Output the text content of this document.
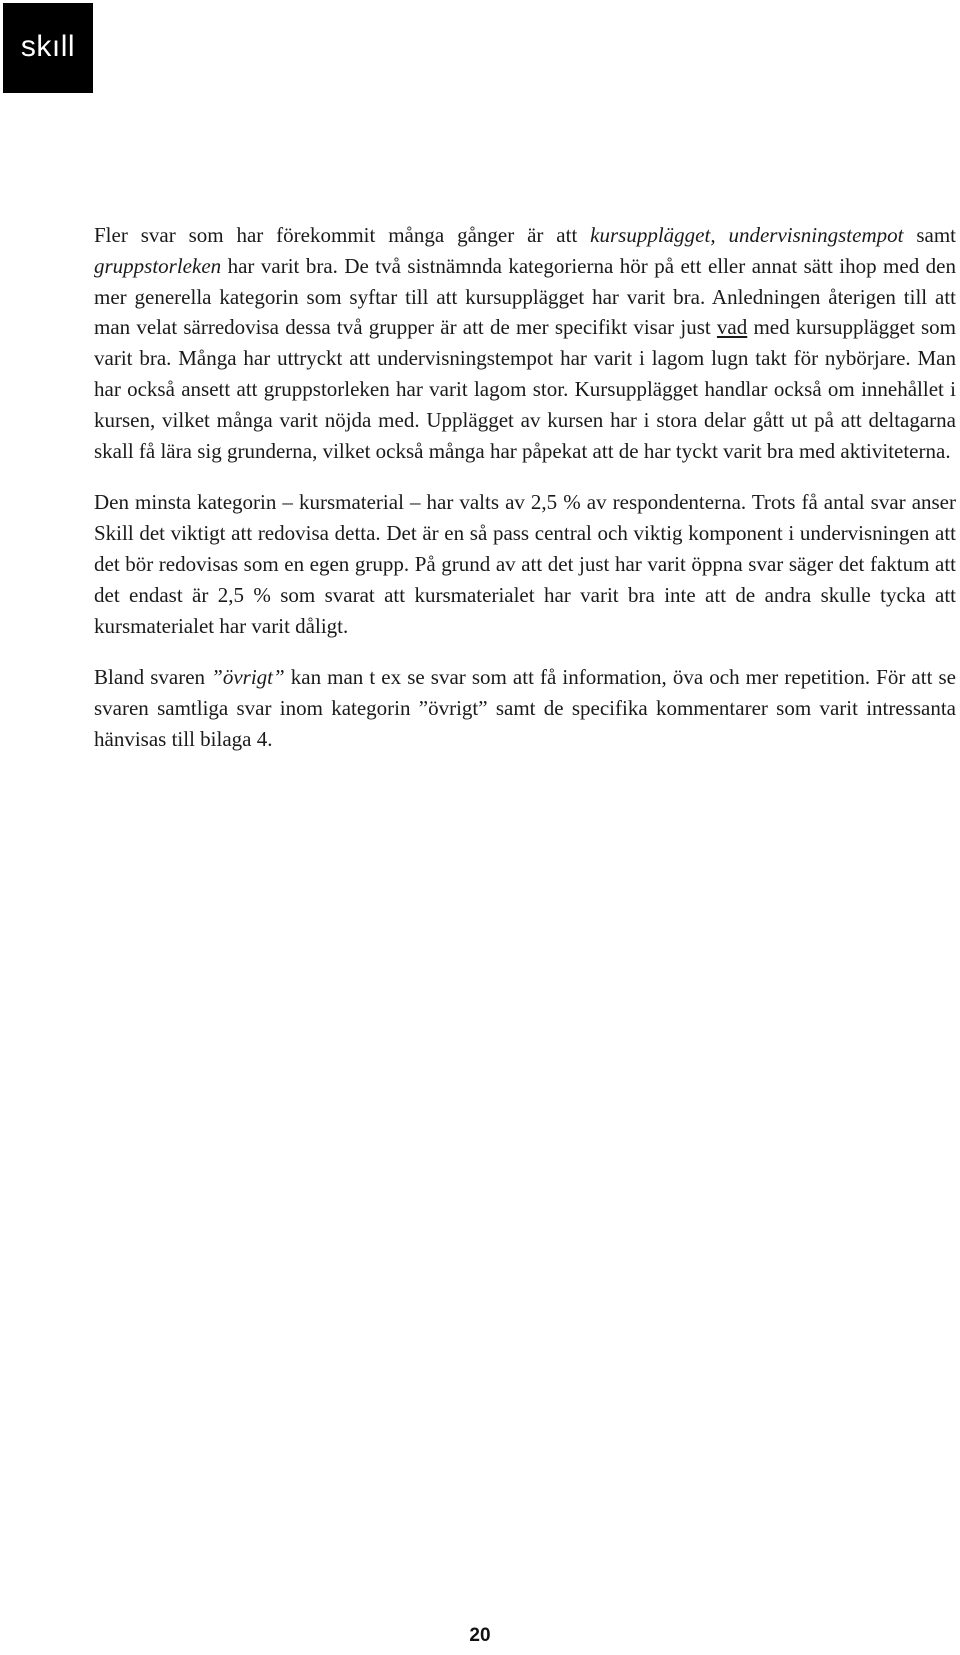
skıll

Fler svar som har förekommit många gånger är att kursupplägget, undervisningstempot samt gruppstorleken har varit bra. De två sistnämnda kategorierna hör på ett eller annat sätt ihop med den mer generella kategorin som syftar till att kursupplägget har varit bra. Anledningen återigen till att man velat särredovisa dessa två grupper är att de mer specifikt visar just vad med kursupplägget som varit bra. Många har uttryckt att undervisningstempot har varit i lagom lugn takt för nybörjare. Man har också ansett att gruppstorleken har varit lagom stor. Kursupplägget handlar också om innehållet i kursen, vilket många varit nöjda med. Upplägget av kursen har i stora delar gått ut på att deltagarna skall få lära sig grunderna, vilket också många har påpekat att de har tyckt varit bra med aktiviteterna.

Den minsta kategorin – kursmaterial – har valts av 2,5 % av respondenterna. Trots få antal svar anser Skill det viktigt att redovisa detta. Det är en så pass central och viktig komponent i undervisningen att det bör redovisas som en egen grupp. På grund av att det just har varit öppna svar säger det faktum att det endast är 2,5 % som svarat att kursmaterialet har varit bra inte att de andra skulle tycka att kursmaterialet har varit dåligt.

Bland svaren ”övrigt” kan man t ex se svar som att få information, öva och mer repetition. För att se svaren samtliga svar inom kategorin ”övrigt” samt de specifika kommentarer som varit intressanta hänvisas till bilaga 4.

20
